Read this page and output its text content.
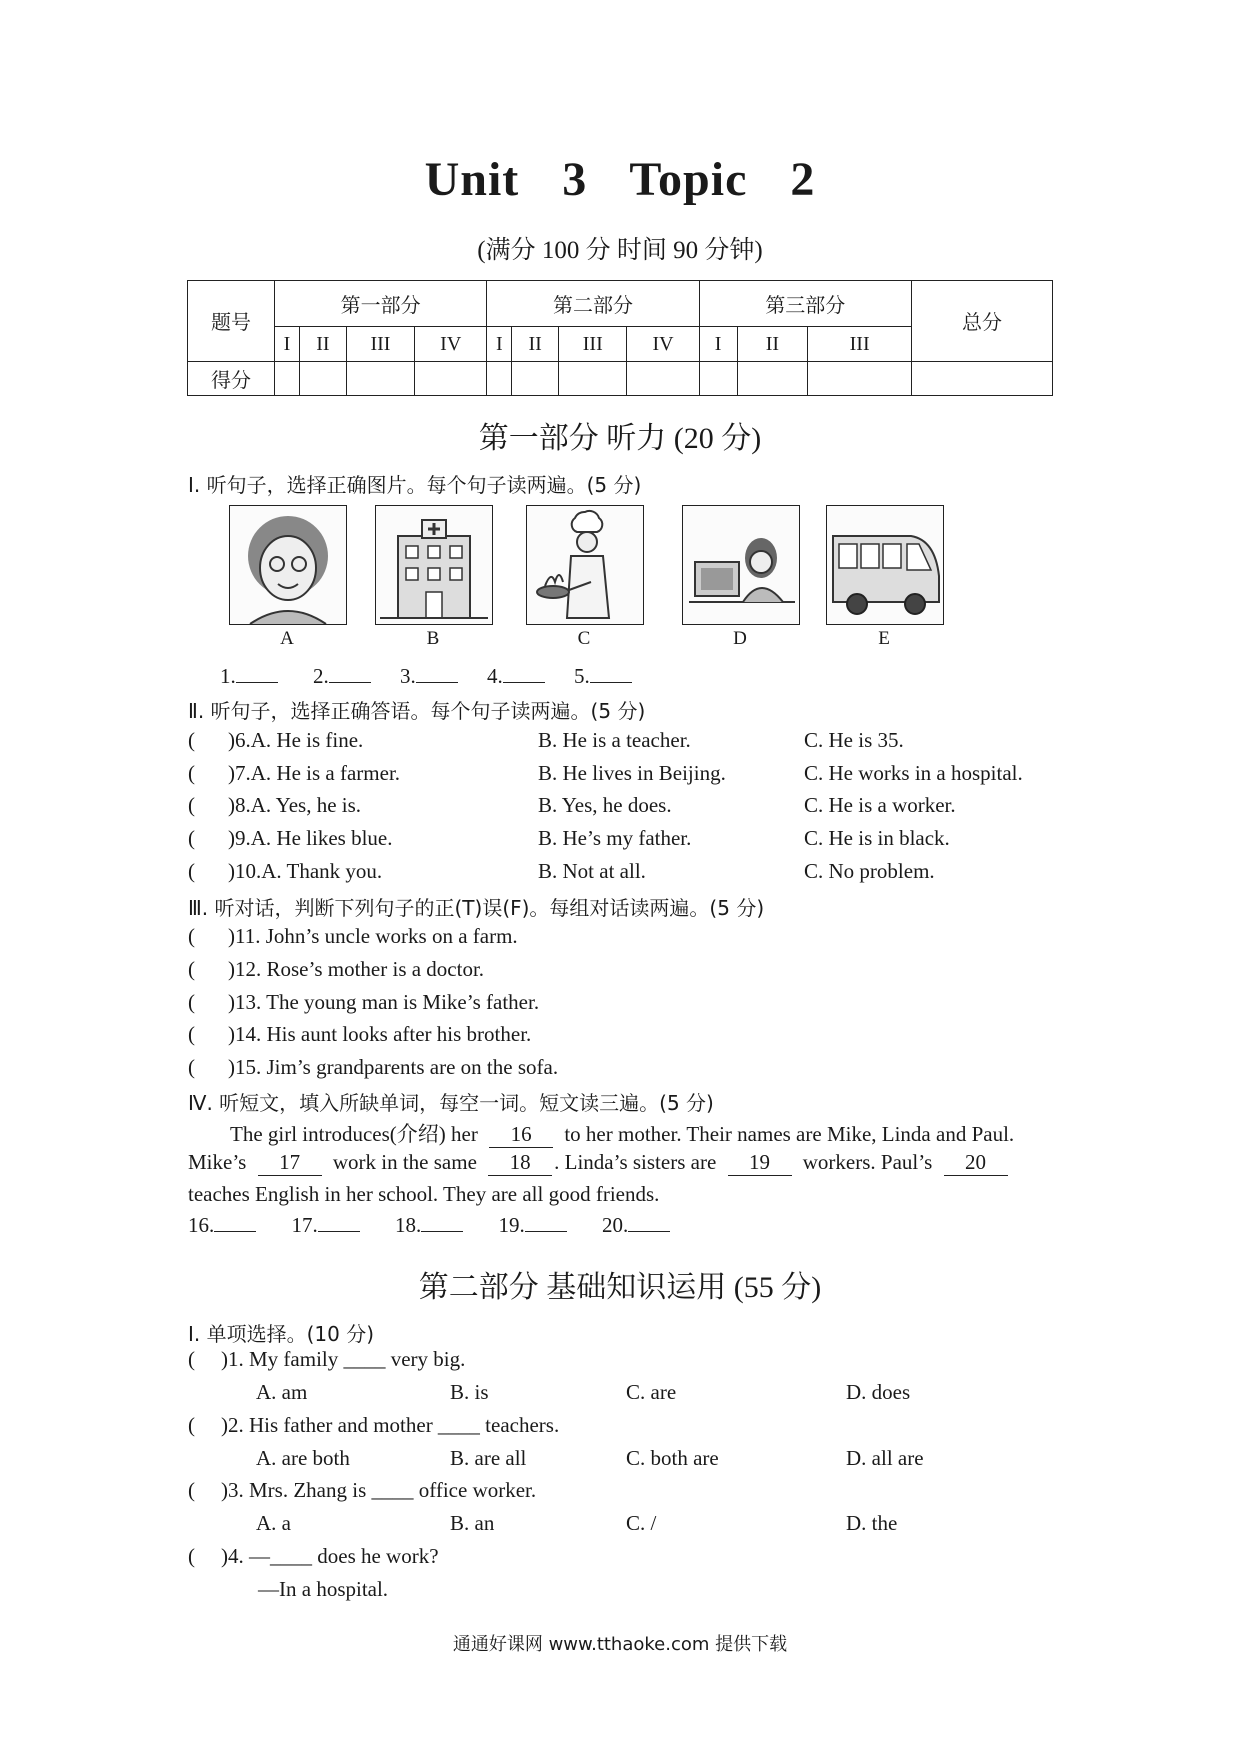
Unit 3 Topic 2
(满分 100 分 时间 90 分钟)
题号	第一部分				第二部分				第三部分			总分
	I	II	III	IV	I	II	III	IV	I	II	III	
得分												
第一部分 听力 (20 分)
Ⅰ. 听句子，选择正确图片。每个句子读两遍。(5 分)
A	B	C	D	E
1.	2.	3.	4.	5.
Ⅱ. 听句子，选择正确答语。每个句子读两遍。(5 分)
( )6.A. He is fine.	B. He is a teacher.	C. He is 35.
( )7.A. He is a farmer.	B. He lives in Beijing.	C. He works in a hospital.
( )8.A. Yes, he is.	B. Yes, he does.	C. He is a worker.
( )9.A. He likes blue.	B. He’s my father.	C. He is in black.
( )10.A. Thank you.	B. Not at all.	C. No problem.
Ⅲ. 听对话，判断下列句子的正(T)误(F)。每组对话读两遍。(5 分)
( )11. John’s uncle works on a farm.
( )12. Rose’s mother is a doctor.
( )13. The young man is Mike’s father.
( )14. His aunt looks after his brother.
( )15. Jim’s grandparents are on the sofa.
Ⅳ. 听短文，填入所缺单词，每空一词。短文读三遍。(5 分)
The girl introduces(介绍) her 16 to her mother. Their names are Mike, Linda and Paul.
Mike’s 17 work in the same 18 . Linda’s sisters are 19 workers. Paul’s 20
teaches English in her school. They are all good friends.
16.	17.	18.	19.	20.
第二部分 基础知识运用 (55 分)
Ⅰ. 单项选择。(10 分)
( )1. My family ____ very big.
A. am	B. is	C. are	D. does
( )2. His father and mother ____ teachers.
A. are both	B. are all	C. both are	D. all are
( )3. Mrs. Zhang is ____ office worker.
A. a	B. an	C. /	D. the
( )4. —____ does he work?
—In a hospital.
通通好课网 www.tthaoke.com 提供下载
